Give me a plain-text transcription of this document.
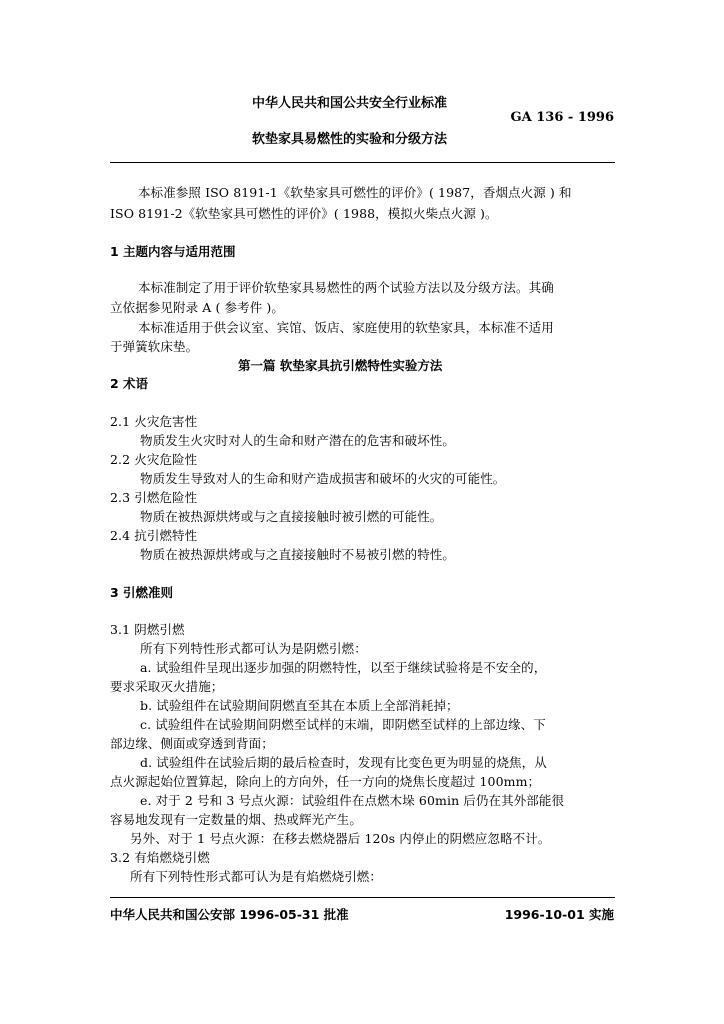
中华人民共和国公共安全行业标准
GA 136 - 1996
软垫家具易燃性的实验和分级方法
本标准参照 ISO 8191-1《软垫家具可燃性的评价》( 1987，香烟点火源 ) 和
ISO 8191-2《软垫家具可燃性的评价》( 1988，模拟火柴点火源 )。
1 主题内容与适用范围
本标准制定了用于评价软垫家具易燃性的两个试验方法以及分级方法。其确
立依据参见附录 A ( 参考件 )。
本标准适用于供会议室、宾馆、饭店、家庭使用的软垫家具，本标准不适用
于弹簧软床垫。
第一篇 软垫家具抗引燃特性实验方法
2 术语
2.1 火灾危害性
物质发生火灾时对人的生命和财产潜在的危害和破坏性。
2.2 火灾危险性
物质发生导致对人的生命和财产造成损害和破坏的火灾的可能性。
2.3 引燃危险性
物质在被热源烘烤或与之直接接触时被引燃的可能性。
2.4 抗引燃特性
物质在被热源烘烤或与之直接接触时不易被引燃的特性。
3 引燃准则
3.1 阴燃引燃
所有下列特性形式都可认为是阴燃引燃：
a. 试验组件呈现出逐步加强的阴燃特性，以至于继续试验将是不安全的，
要求采取灭火措施；
b. 试验组件在试验期间阴燃直至其在本质上全部消耗掉；
c. 试验组件在试验期间阴燃至试样的末端，即阴燃至试样的上部边缘、下
部边缘、侧面或穿透到背面；
d. 试验组件在试验后期的最后检查时，发现有比变色更为明显的烧焦，从
点火源起始位置算起，除向上的方向外，任一方向的烧焦长度超过 100mm；
e. 对于 2 号和 3 号点火源：试验组件在点燃木垛 60min 后仍在其外部能很
容易地发现有一定数量的烟、热或辉光产生。
另外、对于 1 号点火源：在移去燃烧器后 120s 内停止的阴燃应忽略不计。
3.2 有焰燃烧引燃
所有下列特性形式都可认为是有焰燃烧引燃：
中华人民共和国公安部 1996-05-31 批准	1996-10-01 实施
